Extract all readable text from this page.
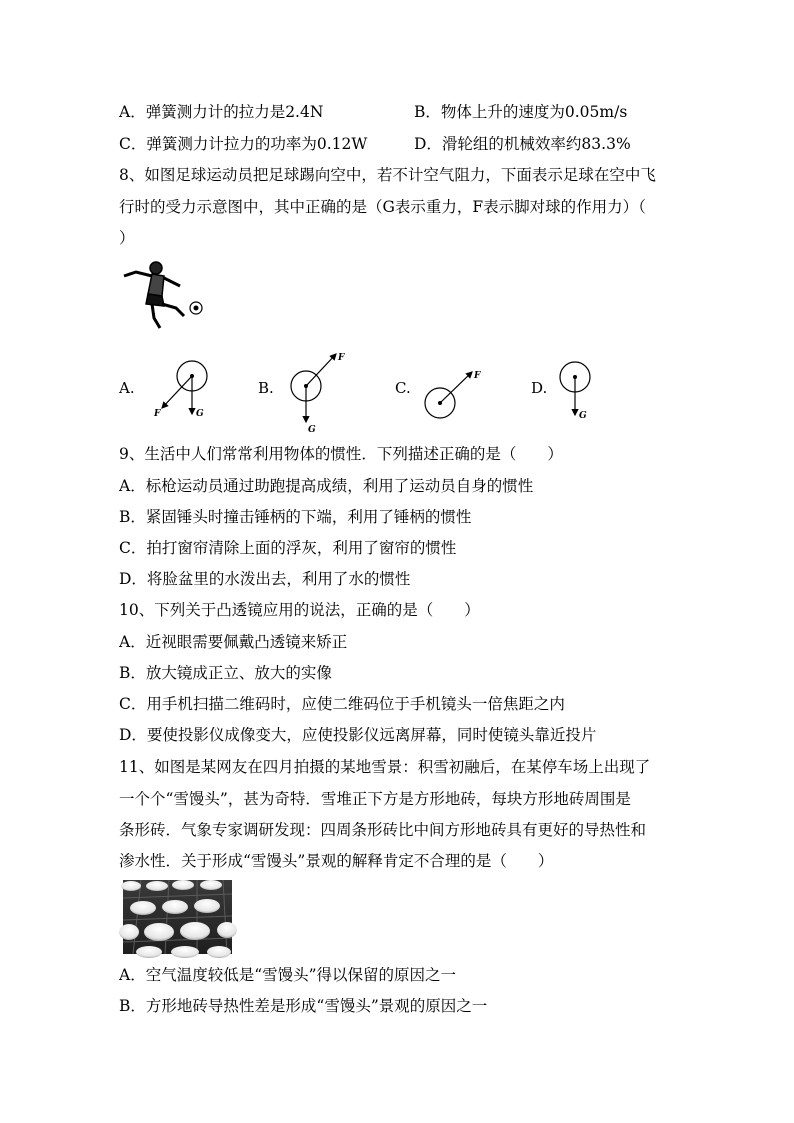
A．弹簧测力计的拉力是2.4N	B．物体上升的速度为0.05m/s
C．弹簧测力计拉力的功率为0.12W	D．滑轮组的机械效率约83.3%
8、如图足球运动员把足球踢向空中，若不计空气阻力，下面表示足球在空中飞
行时的受力示意图中，其中正确的是（G表示重力，F表示脚对球的作用力）（
）
A.	B.	C.	D.
F	G
F
G
F
G
9、生活中人们常常利用物体的惯性．下列描述正确的是（　　）
A．标枪运动员通过助跑提高成绩，利用了运动员自身的惯性
B．紧固锤头时撞击锤柄的下端，利用了锤柄的惯性
C．拍打窗帘清除上面的浮灰，利用了窗帘的惯性
D．将脸盆里的水泼出去，利用了水的惯性
10、下列关于凸透镜应用的说法，正确的是（　　）
A．近视眼需要佩戴凸透镜来矫正
B．放大镜成正立、放大的实像
C．用手机扫描二维码时，应使二维码位于手机镜头一倍焦距之内
D．要使投影仪成像变大，应使投影仪远离屏幕，同时使镜头靠近投片
11、如图是某网友在四月拍摄的某地雪景：积雪初融后，在某停车场上出现了
一个个“雪馒头”，甚为奇特．雪堆正下方是方形地砖，每块方形地砖周围是
条形砖．气象专家调研发现：四周条形砖比中间方形地砖具有更好的导热性和
渗水性．关于形成“雪馒头”景观的解释肯定不合理的是（　　）
A．空气温度较低是“雪馒头”得以保留的原因之一
B．方形地砖导热性差是形成“雪馒头”景观的原因之一
